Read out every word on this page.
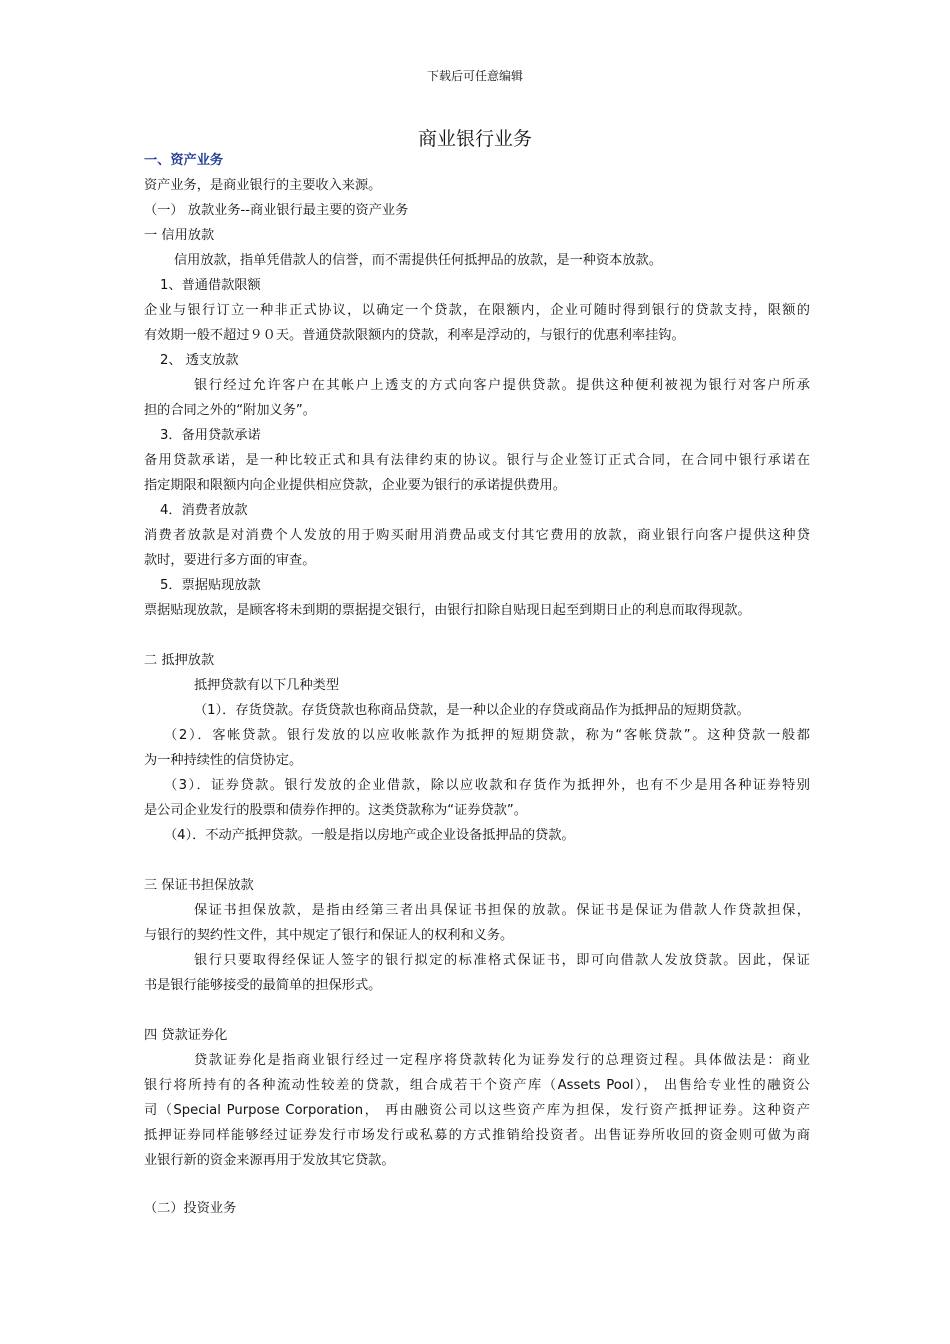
下载后可任意编辑
商业银行业务
一、资产业务
资产业务，是商业银行的主要收入来源。
（一） 放款业务--商业银行最主要的资产业务
一 信用放款
信用放款，指单凭借款人的信誉，而不需提供任何抵押品的放款，是一种资本放款。
1、普通借款限额
企业与银行订立一种非正式协议，以确定一个贷款，在限额内，企业可随时得到银行的贷款支持，限额的
有效期一般不超过９０天。普通贷款限额内的贷款，利率是浮动的，与银行的优惠利率挂钩。
2、 透支放款
银行经过允许客户在其帐户上透支的方式向客户提供贷款。提供这种便利被视为银行对客户所承
担的合同之外的“附加义务”。
3．备用贷款承诺
备用贷款承诺，是一种比较正式和具有法律约束的协议。银行与企业签订正式合同，在合同中银行承诺在
指定期限和限额内向企业提供相应贷款，企业要为银行的承诺提供费用。
4．消费者放款
消费者放款是对消费个人发放的用于购买耐用消费品或支付其它费用的放款，商业银行向客户提供这种贷
款时，要进行多方面的审查。
5．票据贴现放款
票据贴现放款，是顾客将未到期的票据提交银行，由银行扣除自贴现日起至到期日止的利息而取得现款。
二 抵押放款
抵押贷款有以下几种类型
（1）．存货贷款。存货贷款也称商品贷款，是一种以企业的存贷或商品作为抵押品的短期贷款。
（2）．客帐贷款。银行发放的以应收帐款作为抵押的短期贷款，称为“客帐贷款”。这种贷款一般都
为一种持续性的信贷协定。
（3）．证券贷款。银行发放的企业借款，除以应收款和存货作为抵押外，也有不少是用各种证券特别
是公司企业发行的股票和债券作押的。这类贷款称为“证券贷款”。
（4）．不动产抵押贷款。一般是指以房地产或企业设备抵押品的贷款。
三 保证书担保放款
保证书担保放款，是指由经第三者出具保证书担保的放款。保证书是保证为借款人作贷款担保，
与银行的契约性文件，其中规定了银行和保证人的权利和义务。
银行只要取得经保证人签字的银行拟定的标准格式保证书，即可向借款人发放贷款。因此，保证
书是银行能够接受的最简单的担保形式。
四 贷款证券化
贷款证券化是指商业银行经过一定程序将贷款转化为证券发行的总理资过程。具体做法是：商业
银行将所持有的各种流动性较差的贷款，组合成若干个资产库（Assets Pool）， 出售给专业性的融资公
司（Special Purpose Corporation， 再由融资公司以这些资产库为担保，发行资产抵押证券。这种资产
抵押证券同样能够经过证券发行市场发行或私募的方式推销给投资者。出售证券所收回的资金则可做为商
业银行新的资金来源再用于发放其它贷款。
（二）投资业务
